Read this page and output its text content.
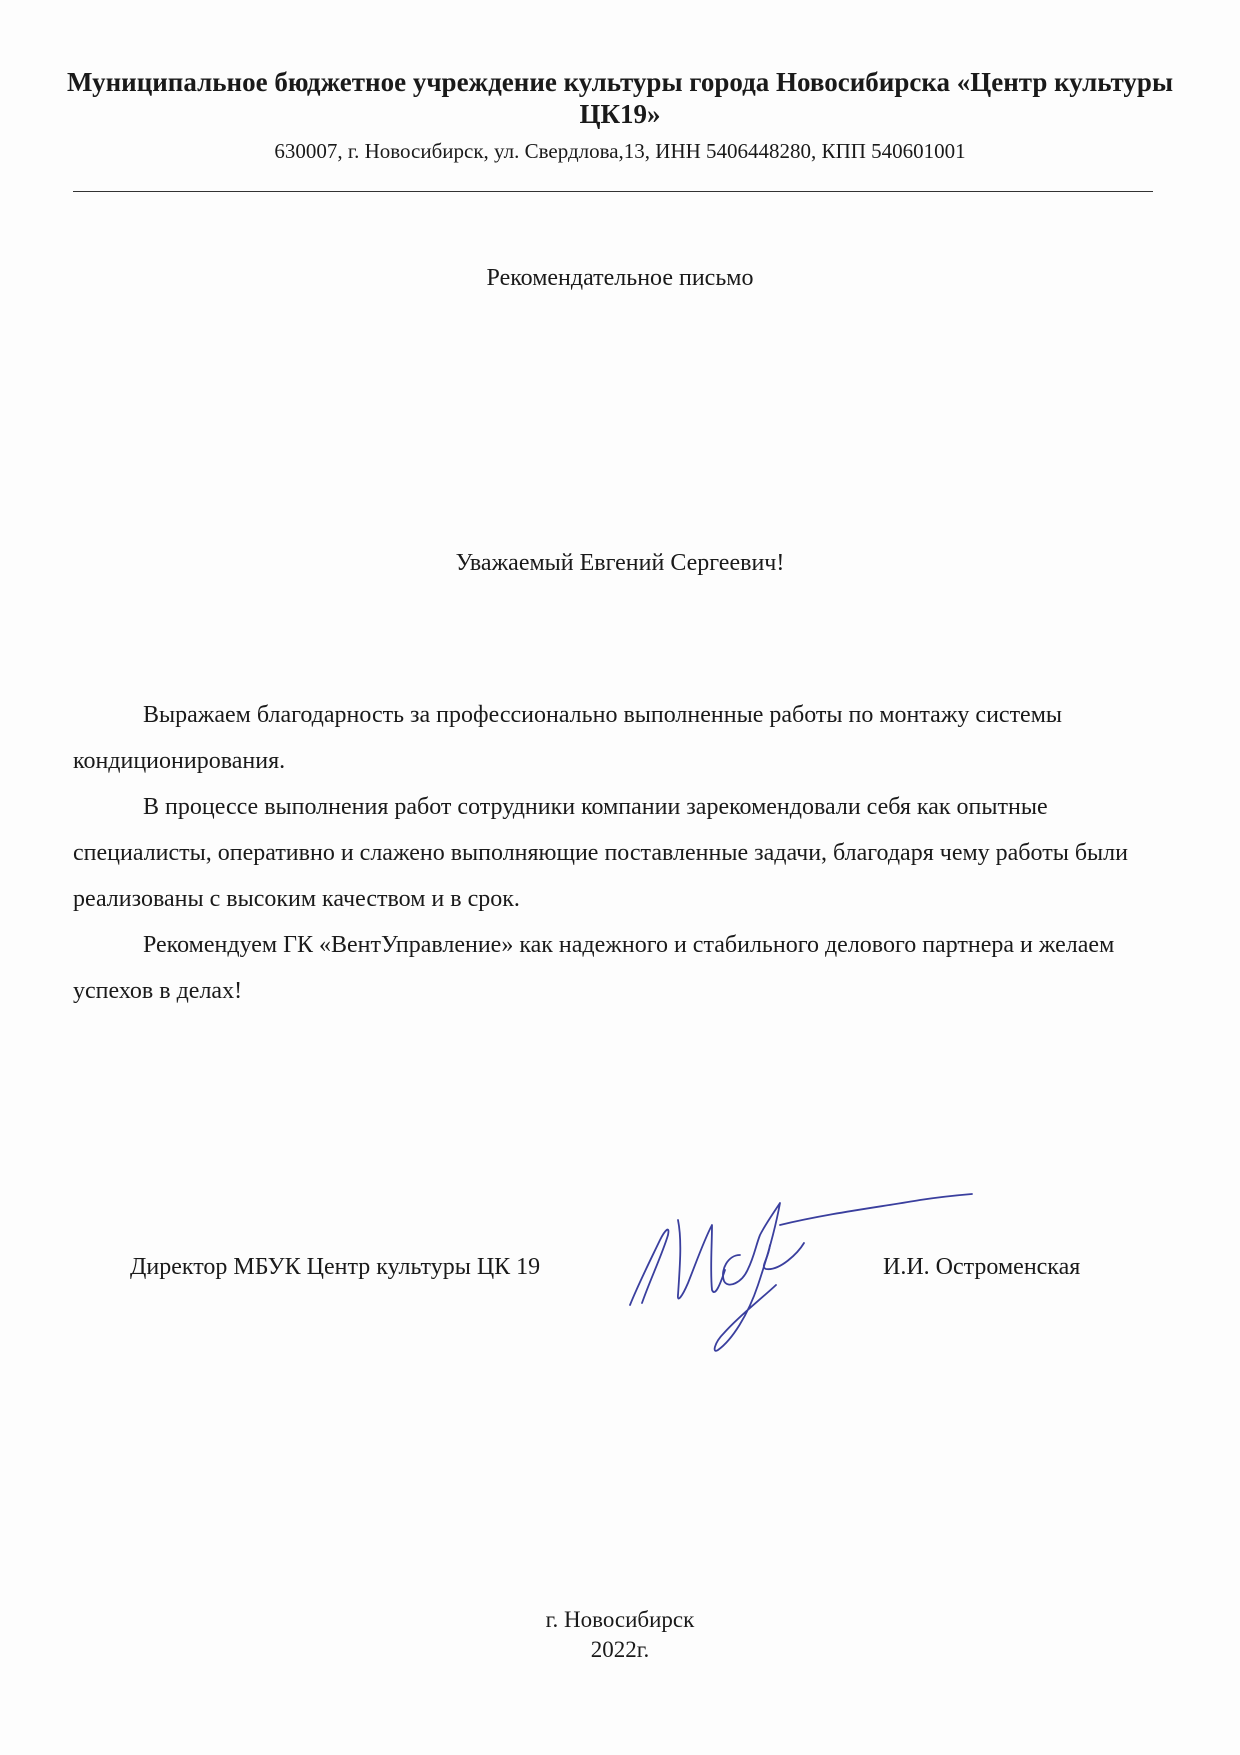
Муниципальное бюджетное учреждение культуры города Новосибирска «Центр культуры ЦК19»
630007, г. Новосибирск, ул. Свердлова,13, ИНН 5406448280, КПП 540601001
Рекомендательное письмо
Уважаемый Евгений Сергеевич!

Выражаем благодарность за профессионально выполненные работы по монтажу системы кондиционирования.

В процессе выполнения работ сотрудники компании зарекомендовали себя как опытные специалисты, оперативно и слажено выполняющие поставленные задачи, благодаря чему работы были реализованы с высоким качеством и в срок.

Рекомендуем ГК «ВентУправление» как надежного и стабильного делового партнера и желаем успехов в делах!

Директор МБУК Центр культуры ЦК 19	И.И. Остроменская
г. Новосибирск
2022г.
